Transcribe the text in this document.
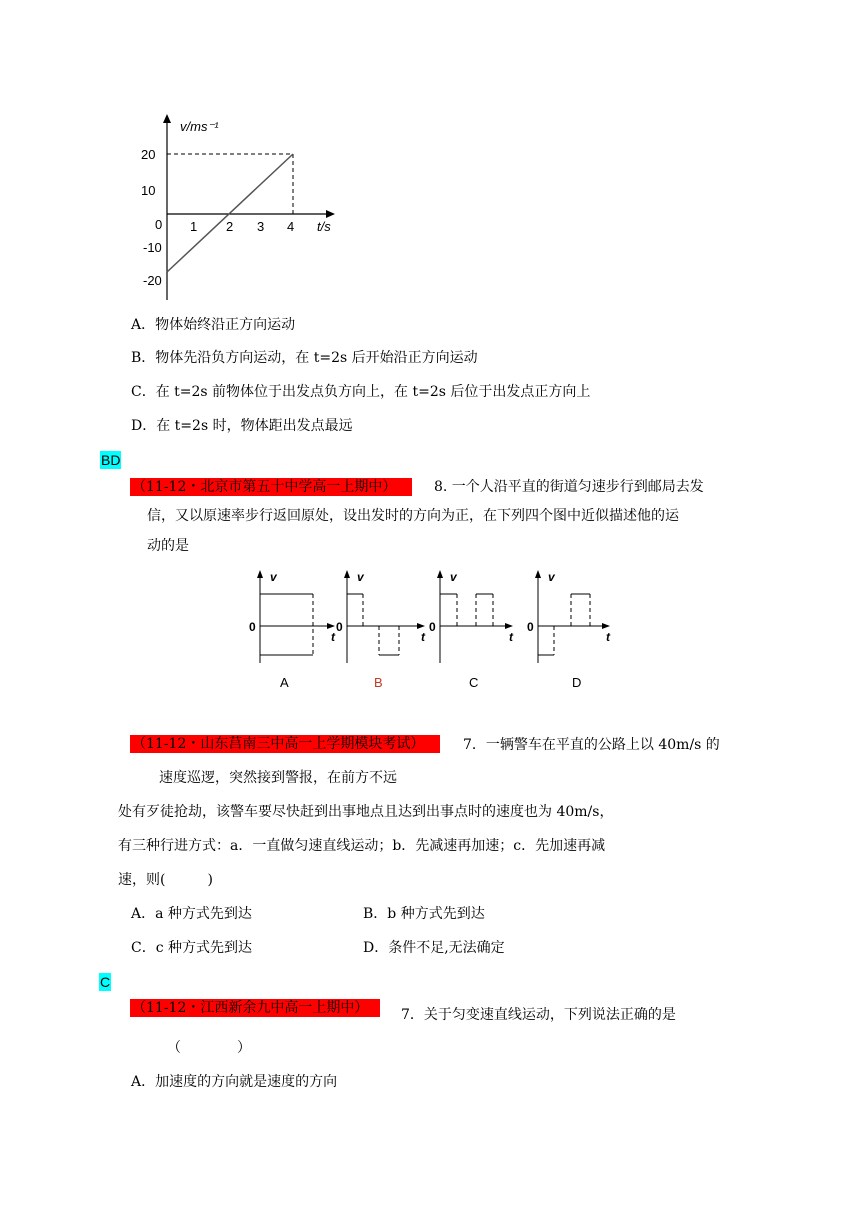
v/ms⁻¹
20
10
0
-10
-20
1 2 3 4 t/s
A．物体始终沿正方向运动
B．物体先沿负方向运动，在 t=2s 后开始沿正方向运动
C．在 t=2s 前物体位于出发点负方向上，在 t=2s 后位于出发点正方向上
D．在 t=2s 时，物体距出发点最远
BD
（11-12・北京市第五十中学高一上期中）	8. 一个人沿平直的街道匀速步行到邮局去发
信，又以原速率步行返回原处，设出发时的方向为正，在下列四个图中近似描述他的运
动的是
v
0
t
v
0
t
v
0
t
v
0
t
A	B	C	D
（11-12・山东莒南三中高一上学期模块考试）	7．一辆警车在平直的公路上以 40m/s 的
速度巡逻，突然接到警报，在前方不远
处有歹徒抢劫，该警车要尽快赶到出事地点且达到出事点时的速度也为 40m/s，
有三种行进方式：a．一直做匀速直线运动；b．先减速再加速；c．先加速再减
速，则(　　　)
A．a 种方式先到达	B．b 种方式先到达
C．c 种方式先到达	D．条件不足,无法确定
C
（11-12・江西新余九中高一上期中）	7．关于匀变速直线运动，下列说法正确的是
（　　　　）
A．加速度的方向就是速度的方向
